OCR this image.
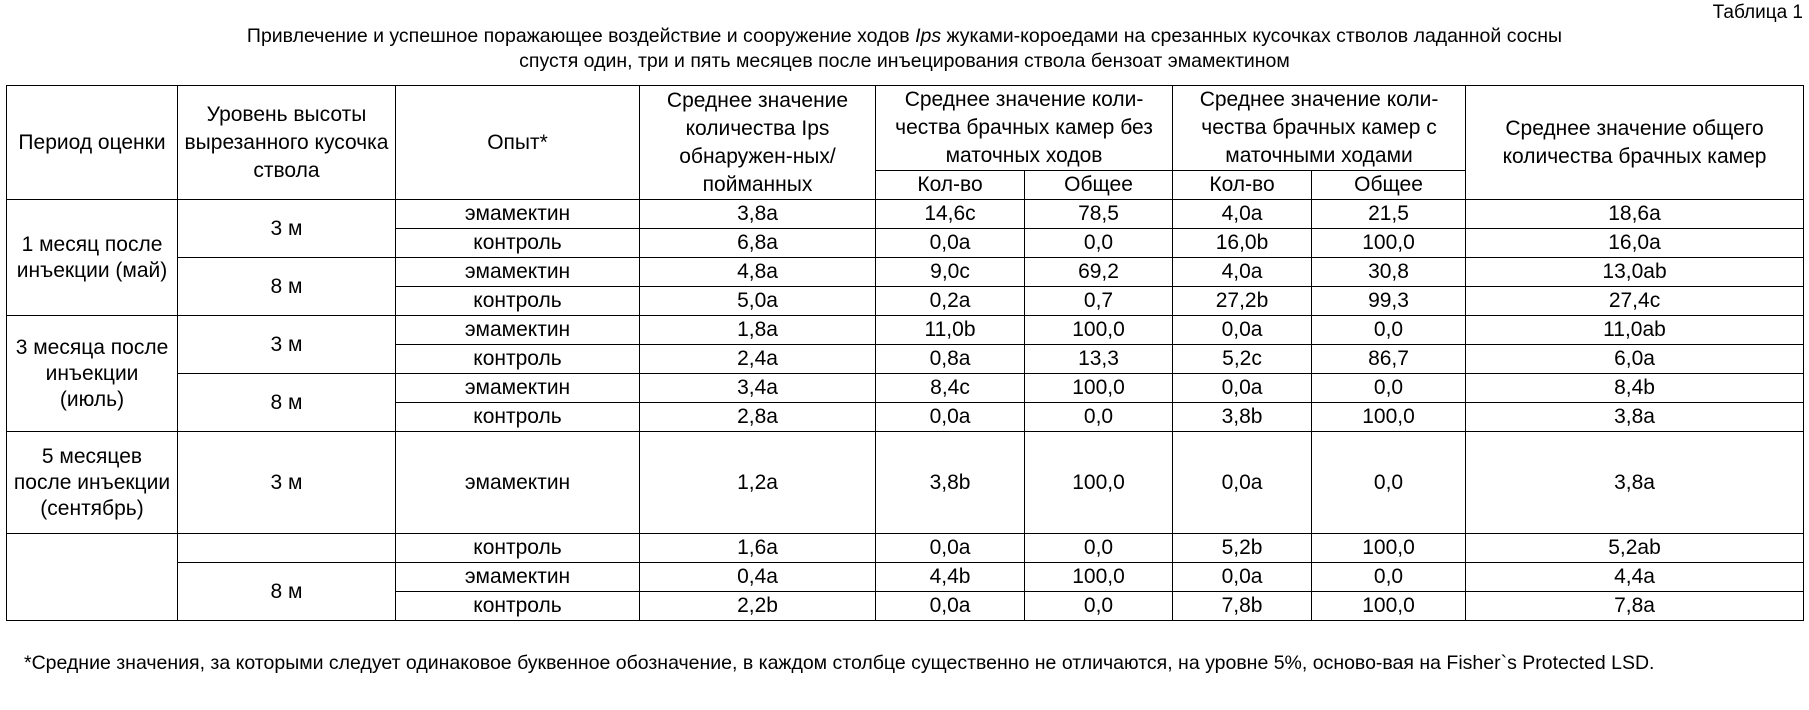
Таблица 1
Привлечение и успешное поражающее воздействие и сооружение ходов Ips жуками-короедами на срезанных кусочках стволов ладанной сосны
спустя один, три и пять месяцев после инъецирования ствола бензоат эмамектином
Период оценки	Уровень высоты вырезанного кусочка ствола	Опыт*	Среднее значение количества Ips обнаружен-ных/пойманных	Среднее значение коли-чества брачных камер без маточных ходов		Среднее значение коли-чества брачных камер с маточными ходами		Среднее значение общего количества брачных камер
				Кол-во	Общее	Кол-во	Общее	
1 месяц после инъекции (май)	3 м	эмамектин	3,8a	14,6c	78,5	4,0a	21,5	18,6a
		контроль	6,8a	0,0a	0,0	16,0b	100,0	16,0a
	8 м	эмамектин	4,8a	9,0c	69,2	4,0a	30,8	13,0ab
		контроль	5,0a	0,2a	0,7	27,2b	99,3	27,4c
3 месяца после инъекции (июль)	3 м	эмамектин	1,8a	11,0b	100,0	0,0a	0,0	11,0ab
		контроль	2,4a	0,8a	13,3	5,2c	86,7	6,0a
	8 м	эмамектин	3,4a	8,4c	100,0	0,0a	0,0	8,4b
		контроль	2,8a	0,0a	0,0	3,8b	100,0	3,8a
5 месяцев после инъекции (сентябрь)	3 м	эмамектин	1,2a	3,8b	100,0	0,0a	0,0	3,8a
		контроль	1,6a	0,0a	0,0	5,2b	100,0	5,2ab
	8 м	эмамектин	0,4a	4,4b	100,0	0,0a	0,0	4,4a
		контроль	2,2b	0,0a	0,0	7,8b	100,0	7,8a
*Средние значения, за которыми следует одинаковое буквенное обозначение, в каждом столбце существенно не отличаются, на уровне 5%, осново-вая на Fisher`s Protected LSD.
